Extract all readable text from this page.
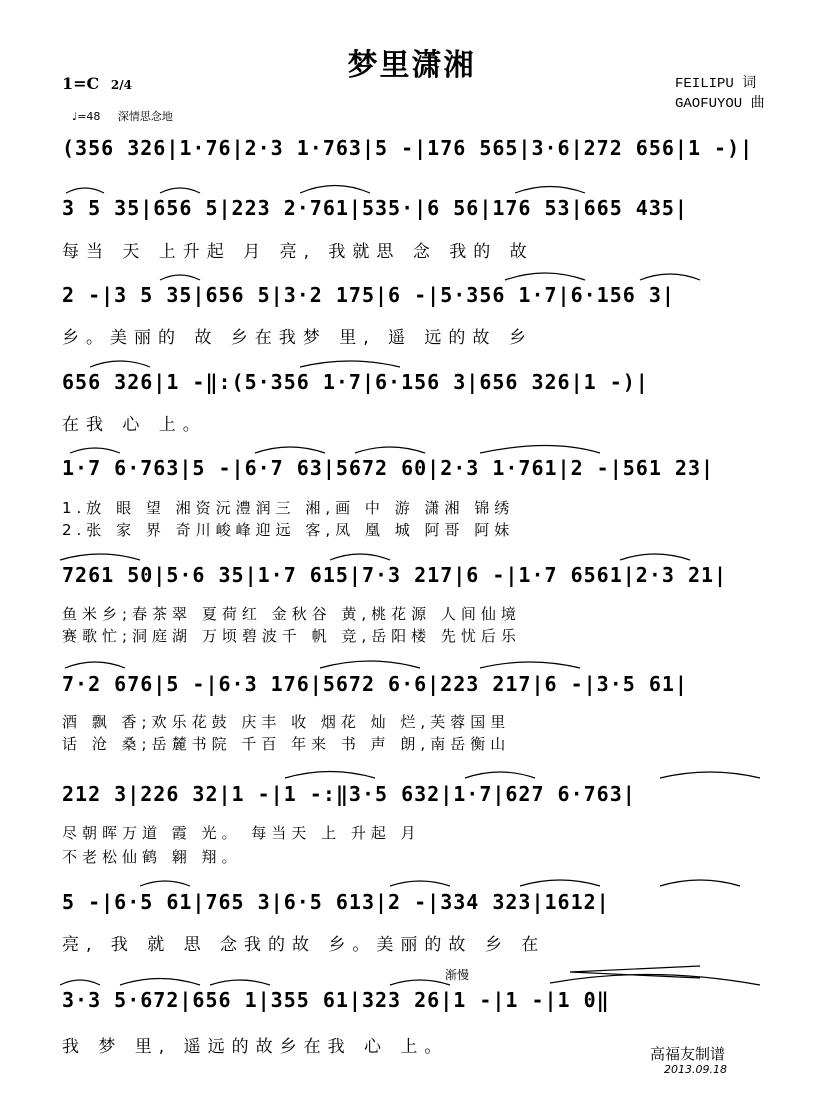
梦里潇湘
1=C 2/4
♩=48 深情思念地
FEILIPU 词
GAOFUYOU 曲
(356 326|1·76|2·3 1·763|5 -|176 565|3·6|272 656|1 -)|
3 5 35|656 5|223 2·761|535·|6 56|176 53|665 435|
每当 天 上升起 月 亮, 我就思 念 我的 故
2 -|3 5 35|656 5|3·2 175|6 -|5·356 1·7|6·156 3|
乡。美丽的 故 乡在我梦 里, 遥 远的故 乡
656 326|1 -‖:(5·356 1·7|6·156 3|656 326|1 -)|
在我 心 上。
1·7 6·763|5 -|6·7 63|5672 60|2·3 1·761|2 -|561 23|
1.放 眼 望 湘资沅澧润三 湘,画 中 游 潇湘 锦绣
2.张 家 界 奇川峻峰迎远 客,凤 凰 城 阿哥 阿妹
7261 50|5·6 35|1·7 615|7·3 217|6 -|1·7 6561|2·3 21|
鱼米乡;春茶翠 夏荷红 金秋谷 黄,桃花源 人间仙境
赛歌忙;洞庭湖 万顷碧波千 帆 竞,岳阳楼 先忧后乐
7·2 676|5 -|6·3 176|5672 6·6|223 217|6 -|3·5 61|
酒 飘 香;欢乐花鼓 庆丰 收 烟花 灿 烂,芙蓉国里
话 沧 桑;岳麓书院 千百 年来 书 声 朗,南岳衡山
212 3|226 32|1 -|1 -:‖3·5 632|1·7|627 6·763|
尽朝晖万道 霞 光。 每当天 上 升起 月
不老松仙鹤 翱 翔。
5 -|6·5 61|765 3|6·5 613|2 -|334 323|1612|
亮, 我 就 思 念我的故 乡。美丽的故 乡 在
渐慢
3·3 5·672|656 1|355 61|323 26|1 -|1 -|1 0‖
我 梦 里, 遥远的故乡在我 心 上。	高福友制谱
2013.09.18
